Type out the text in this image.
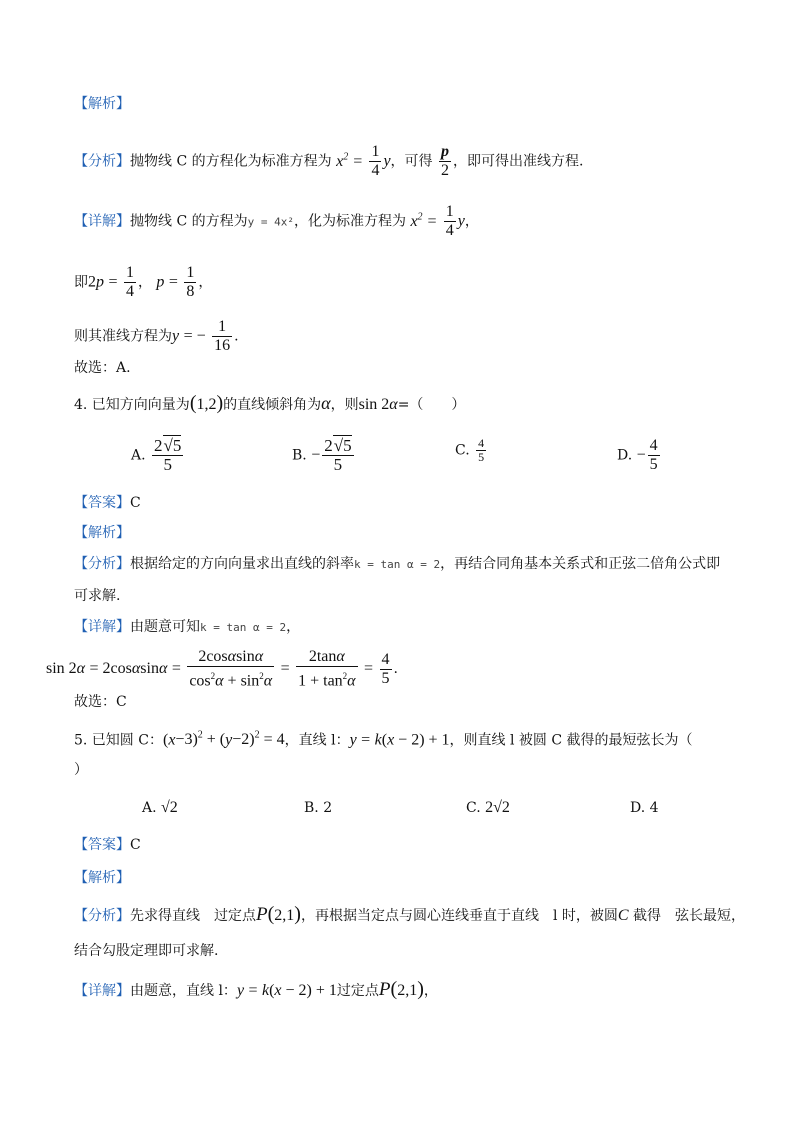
【解析】
【分析】抛物线 C 的方程化为标准方程为 $x^2 = \frac{1}{4}$ y，可得 $\frac{p}{2}$ ，即可得出准线方程.
【详解】抛物线 C 的方程为y = 4x²，化为标准方程为 $x^2 = \frac{1}{4}$ y，
即$2p = \frac{1}{4}$ ， $p = \frac{1}{8}$ ，
则其准线方程为y = − $\frac{1}{16}$ .
故选：A.
4. 已知方向向量为(1,2)的直线倾斜角为α，则sin 2α=（　　）
A. $\frac{2√5}{5}$	B. − $\frac{2√5}{5}$	C. $\frac{4}{5}$	D. − $\frac{4}{5}$
【答案】C
【解析】
【分析】根据给定的方向向量求出直线的斜率k = tan α = 2，再结合同角基本关系式和正弦二倍角公式即
可求解.
【详解】由题意可知k = tan α = 2，
$\sin 2\alpha = 2\cos\alpha\sin\alpha = \frac{2\cos\alpha\sin\alpha}{\cos^2\alpha + \sin^2\alpha} = \frac{2\tan\alpha}{1 + \tan^2\alpha} = \frac{4}{5}$ .
故选：C
5. 已知圆 C：$(x-3)^2 + (y-2)^2 = 4$，直线 l：y = k(x − 2) + 1，则直线 l 被圆 C 截得的最短弦长为（
）
A. √2	B. 2	C. 2√2	D. 4
【答案】C
【解析】
【分析】先求得直线　过定点P(2,1)，再根据当定点与圆心连线垂直于直线　l 时，被圆C 截得　弦长最短，
结合勾股定理即可求解.
【详解】由题意，直线 l：y = k(x − 2) + 1过定点P(2,1)，
